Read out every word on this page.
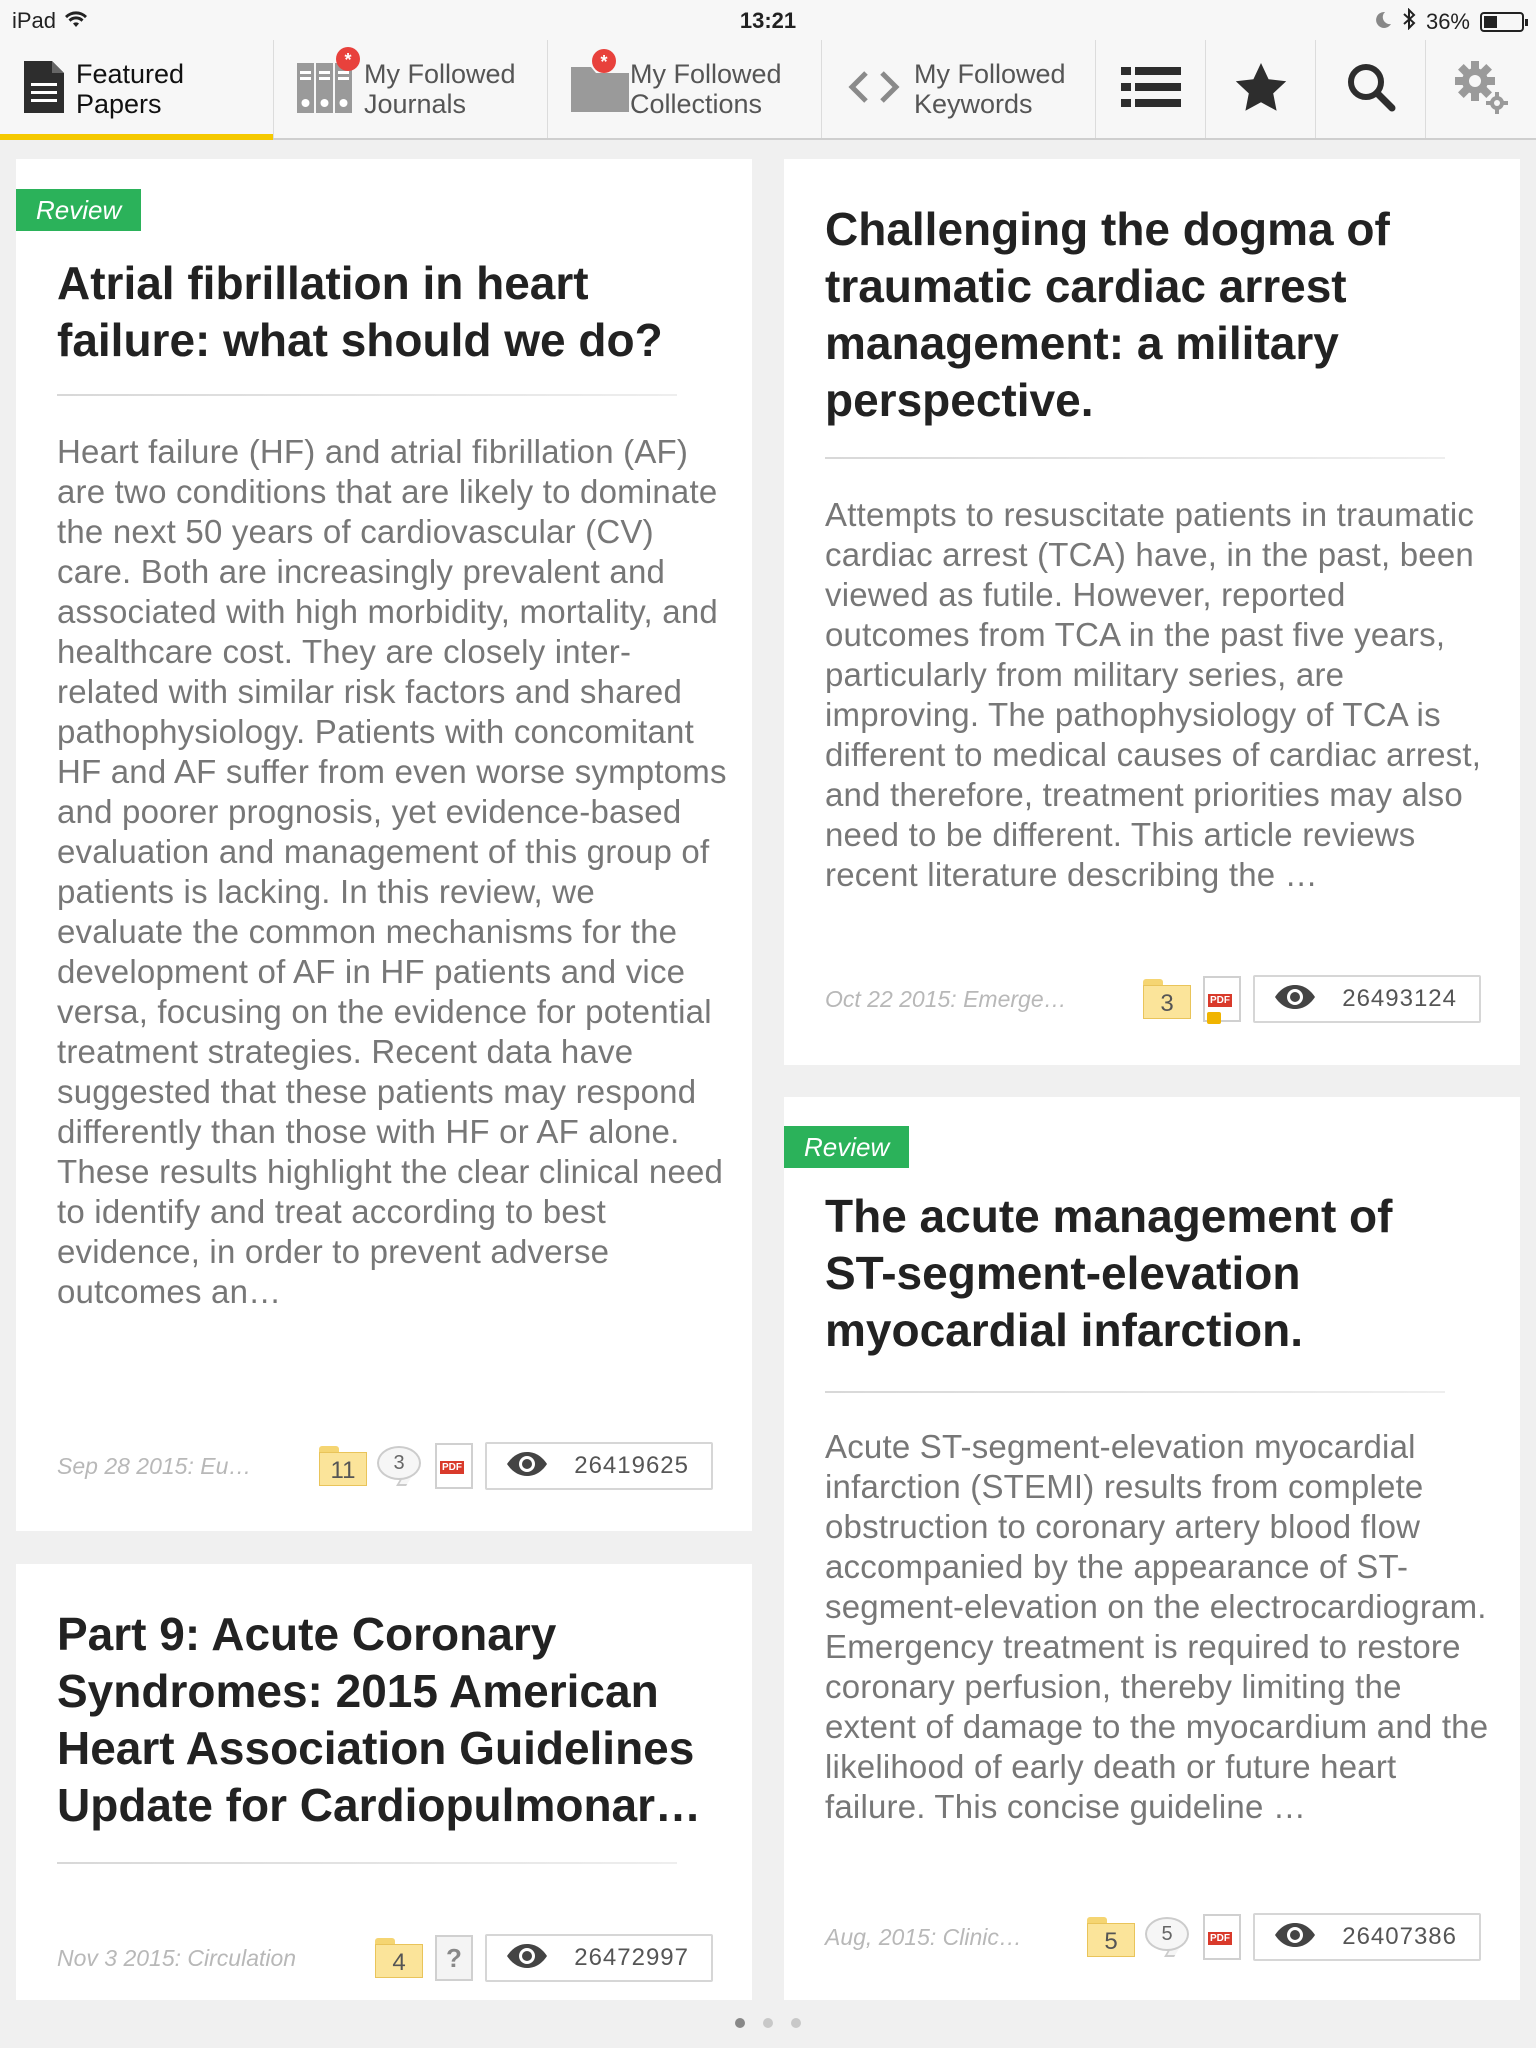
iPad	13:21	36%
Featured
Papers
* My Followed
Journals
* My Followed
Collections
My Followed
Keywords
Review
Atrial fibrillation in heart failure: what should we do?
Heart failure (HF) and atrial fibrillation (AF) are two conditions that are likely to dominate the next 50 years of cardiovascular (CV) care. Both are increasingly prevalent and associated with high morbidity, mortality, and healthcare cost. They are closely inter-related with similar risk factors and shared pathophysiology. Patients with concomitant HF and AF suffer from even worse symptoms and poorer prognosis, yet evidence-based evaluation and management of this group of patients is lacking. In this review, we evaluate the common mechanisms for the development of AF in HF patients and vice versa, focusing on the evidence for potential treatment strategies. Recent data have suggested that these patients may respond differently than those with HF or AF alone. These results highlight the clear clinical need to identify and treat according to best evidence, in order to prevent adverse outcomes an…
Sep 28 2015: Eu…	11	3	PDF	26419625
Part 9: Acute Coronary Syndromes: 2015 American Heart Association Guidelines Update for Cardiopulmonar…
Nov 3 2015: Circulation	4	?	26472997
Challenging the dogma of traumatic cardiac arrest management: a military perspective.
Attempts to resuscitate patients in traumatic cardiac arrest (TCA) have, in the past, been viewed as futile. However, reported outcomes from TCA in the past five years, particularly from military series, are improving. The pathophysiology of TCA is different to medical causes of cardiac arrest, and therefore, treatment priorities may also need to be different. This article reviews recent literature describing the …
Oct 22 2015: Emerge…	3	PDF	26493124
Review
The acute management of ST-segment-elevation myocardial infarction.
Acute ST-segment-elevation myocardial infarction (STEMI) results from complete obstruction to coronary artery blood flow accompanied by the appearance of ST-segment-elevation on the electrocardiogram. Emergency treatment is required to restore coronary perfusion, thereby limiting the extent of damage to the myocardium and the likelihood of early death or future heart failure. This concise guideline …
Aug, 2015: Clinic…	5	5	PDF	26407386
